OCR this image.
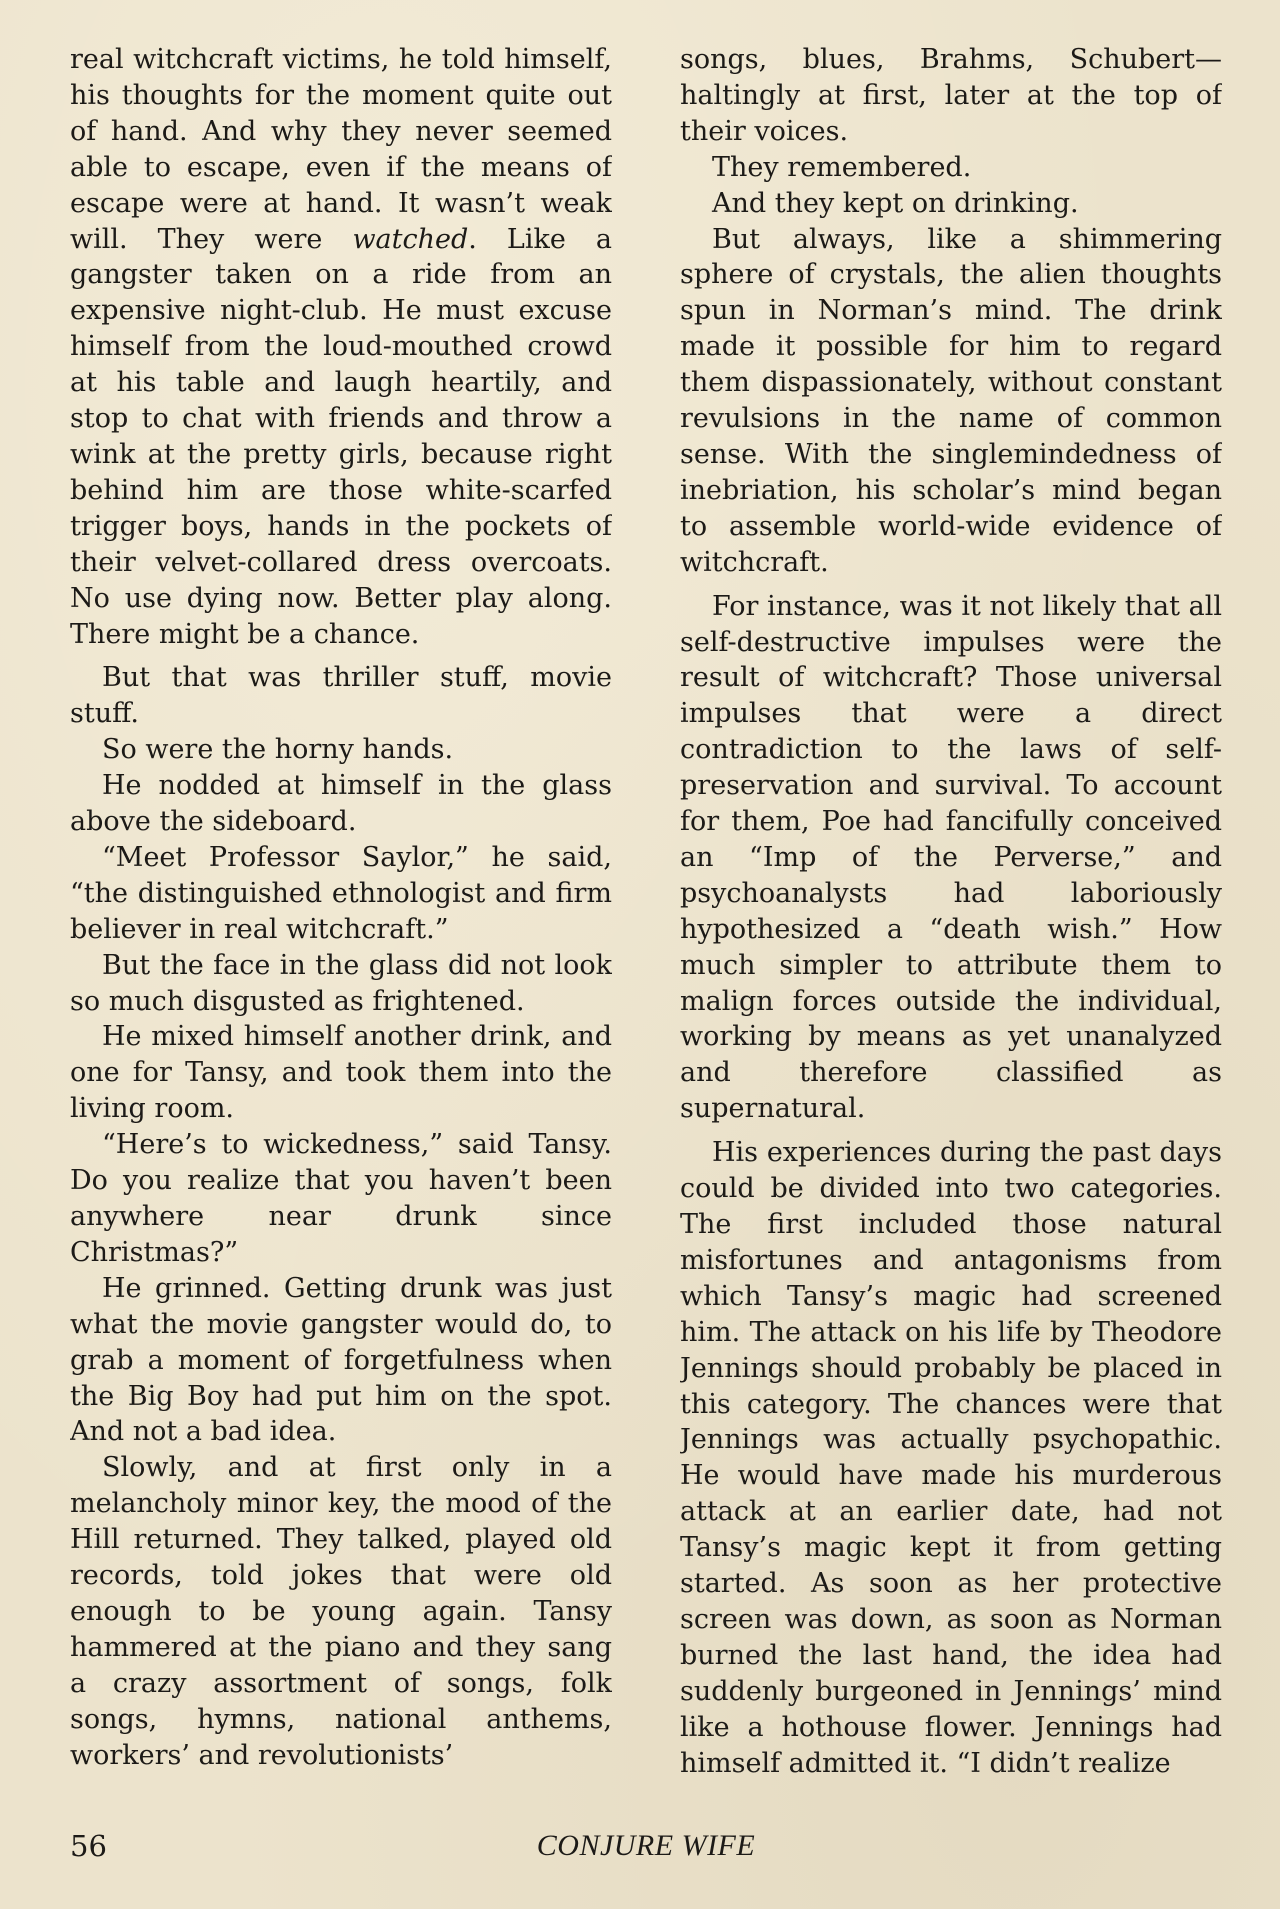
real witchcraft victims, he told himself, his thoughts for the moment quite out of hand. And why they never seemed able to escape, even if the means of escape were at hand. It wasn’t weak will. They were watched. Like a gangster taken on a ride from an expensive night-club. He must excuse himself from the loud-mouthed crowd at his table and laugh heartily, and stop to chat with friends and throw a wink at the pretty girls, because right behind him are those white-scarfed trigger boys, hands in the pockets of their velvet-collared dress overcoats. No use dying now. Better play along. There might be a chance.

But that was thriller stuff, movie stuff.

So were the horny hands.

He nodded at himself in the glass above the sideboard.

“Meet Professor Saylor,” he said, “the distinguished ethnologist and firm believer in real witchcraft.”

But the face in the glass did not look so much disgusted as frightened.

He mixed himself another drink, and one for Tansy, and took them into the living room.

“Here’s to wickedness,” said Tansy. Do you realize that you haven’t been anywhere near drunk since Christmas?”

He grinned. Getting drunk was just what the movie gangster would do, to grab a moment of forgetfulness when the Big Boy had put him on the spot. And not a bad idea.

Slowly, and at first only in a melancholy minor key, the mood of the Hill returned. They talked, played old records, told jokes that were old enough to be young again. Tansy hammered at the piano and they sang a crazy assortment of songs, folk songs, hymns, national anthems, workers’ and revolutionists’

songs, blues, Brahms, Schubert—haltingly at first, later at the top of their voices.

They remembered.

And they kept on drinking.

But always, like a shimmering sphere of crystals, the alien thoughts spun in Norman’s mind. The drink made it possible for him to regard them dispassionately, without constant revulsions in the name of common sense. With the singlemindedness of inebriation, his scholar’s mind began to assemble world-wide evidence of witchcraft.

For instance, was it not likely that all self-destructive impulses were the result of witchcraft? Those universal impulses that were a direct contradiction to the laws of self-preservation and survival. To account for them, Poe had fancifully conceived an “Imp of the Perverse,” and psychoanalysts had laboriously hypothesized a “death wish.” How much simpler to attribute them to malign forces outside the individual, working by means as yet unanalyzed and therefore classified as supernatural.

His experiences during the past days could be divided into two categories. The first included those natural misfortunes and antagonisms from which Tansy’s magic had screened him. The attack on his life by Theodore Jennings should probably be placed in this category. The chances were that Jennings was actually psychopathic. He would have made his murderous attack at an earlier date, had not Tansy’s magic kept it from getting started. As soon as her protective screen was down, as soon as Norman burned the last hand, the idea had suddenly burgeoned in Jennings’ mind like a hothouse flower. Jennings had himself admitted it. “I didn’t realize

56	CONJURE WIFE
